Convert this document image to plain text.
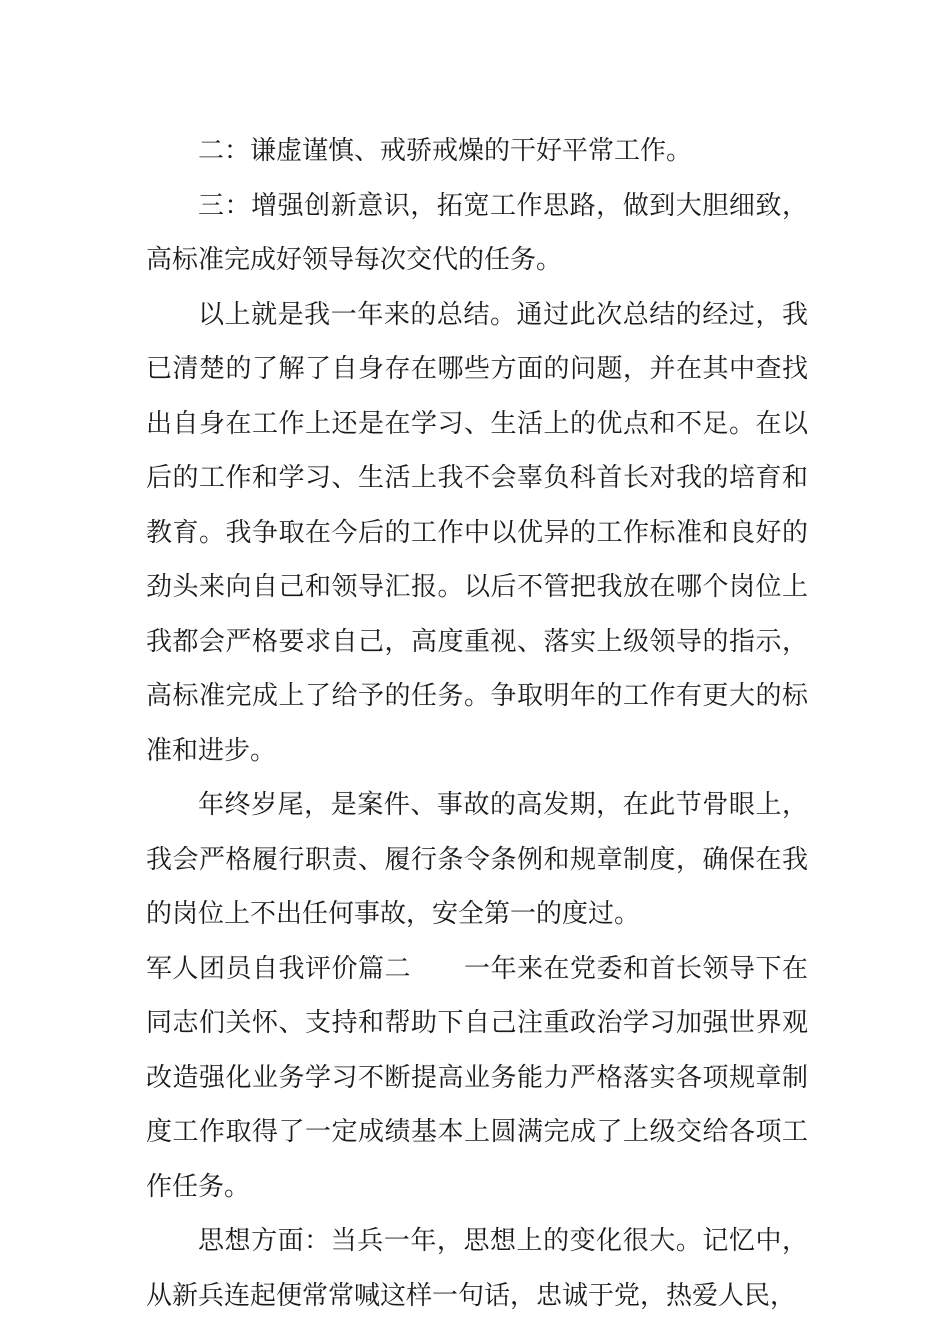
二：谦虚谨慎、戒骄戒燥的干好平常工作。

三：增强创新意识，拓宽工作思路，做到大胆细致，高标准完成好领导每次交代的任务。

以上就是我一年来的总结。通过此次总结的经过，我已清楚的了解了自身存在哪些方面的问题，并在其中查找出自身在工作上还是在学习、生活上的优点和不足。在以后的工作和学习、生活上我不会辜负科首长对我的培育和教育。我争取在今后的工作中以优异的工作标准和良好的劲头来向自己和领导汇报。以后不管把我放在哪个岗位上我都会严格要求自己，高度重视、落实上级领导的指示，高标准完成上了给予的任务。争取明年的工作有更大的标准和进步。

年终岁尾，是案件、事故的高发期，在此节骨眼上，我会严格履行职责、履行条令条例和规章制度，确保在我的岗位上不出任何事故，安全第一的度过。

军人团员自我评价篇二　　一年来在党委和首长领导下在同志们关怀、支持和帮助下自己注重政治学习加强世界观改造强化业务学习不断提高业务能力严格落实各项规章制度工作取得了一定成绩基本上圆满完成了上级交给各项工作任务。

思想方面：当兵一年，思想上的变化很大。记忆中，从新兵连起便常常喊这样一句话，忠诚于党，热爱人民，
